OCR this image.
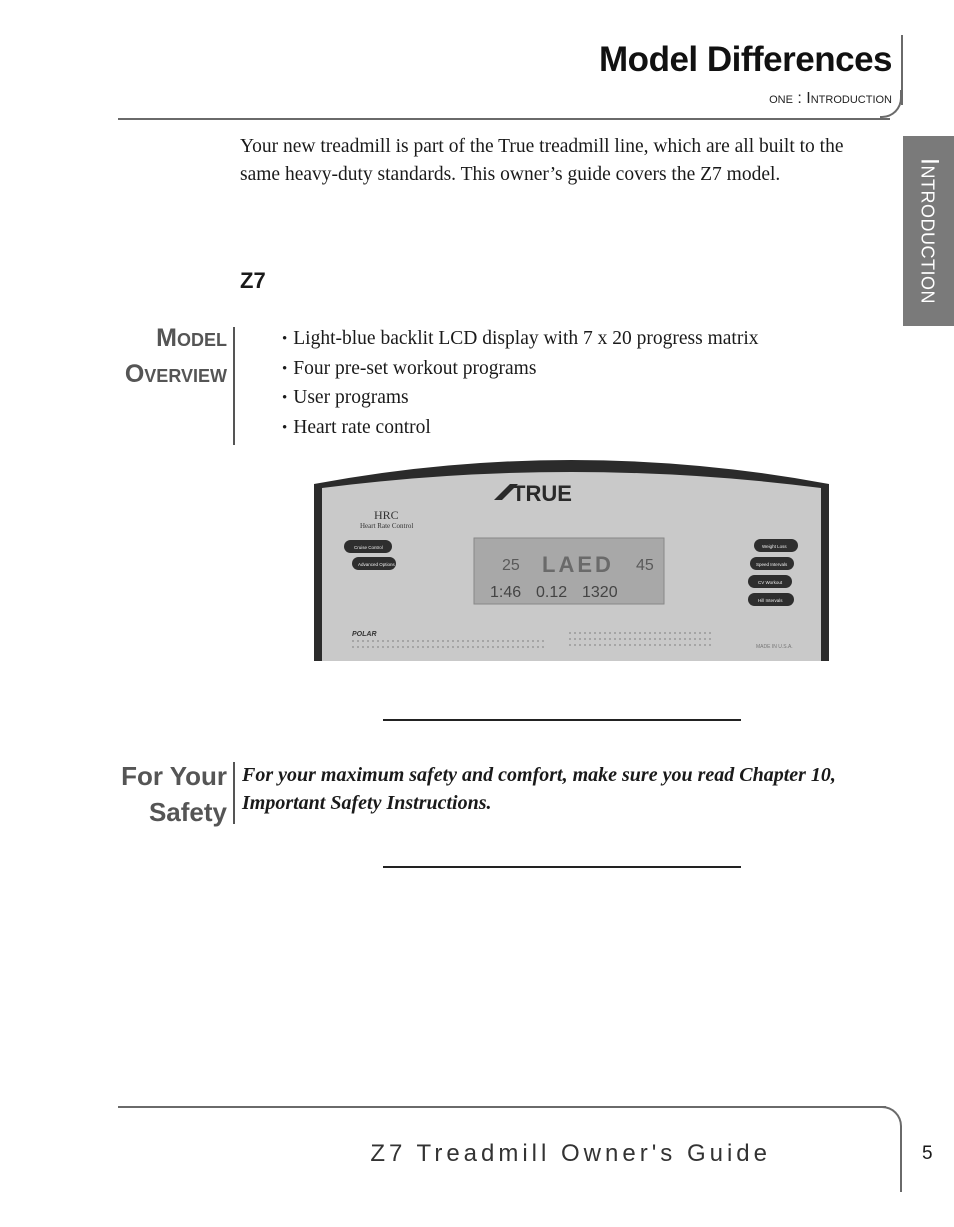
Model Differences
one : Introduction
Introduction

Your new treadmill is part of the True treadmill line, which are all built to the same heavy-duty standards. This owner’s guide covers the Z7 model.

Z7
Model
Overview
• Light-blue backlit LCD display with 7 x 20 progress matrix
• Four pre-set workout programs
• User programs
• Heart rate control
TRUE
HRC
Heart Rate Control
Cruise Control
Advanced Options	25 LAED 45
1:46 0.12 1320
Weight Loss
Speed Intervals
CV Workout
Hill Intervals
POLAR
MADE IN U.S.A.
For Your
Safety

For your maximum safety and comfort, make sure you read Chapter 10, Important Safety Instructions.

Z7 Treadmill Owner's Guide	5
